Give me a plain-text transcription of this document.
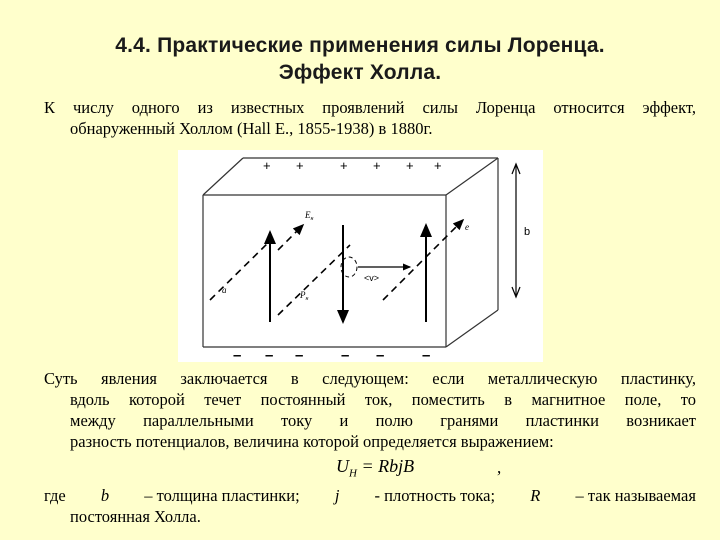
4.4. Практические применения силы Лоренца.
Эффект Холла.
К числу одного из известных проявлений силы Лоренца относится эффект,
обнаруженный Холлом (Hall E., 1855-1938) в 1880г.
+ +	+ + + +
– – –	– –	–
b
<v>
$E_н$
$P_н$
a
e
Суть явления заключается в следующем: если металлическую пластинку,
вдоль которой течет постоянный ток, поместить в магнитное поле, то
между параллельными току и полю гранями пластинки возникает
разность потенциалов, величина которой определяется выражением:
$U_H$ = RbjB	,
где b – толщина пластинки; j - плотность тока; R – так называемая
постоянная Холла.
